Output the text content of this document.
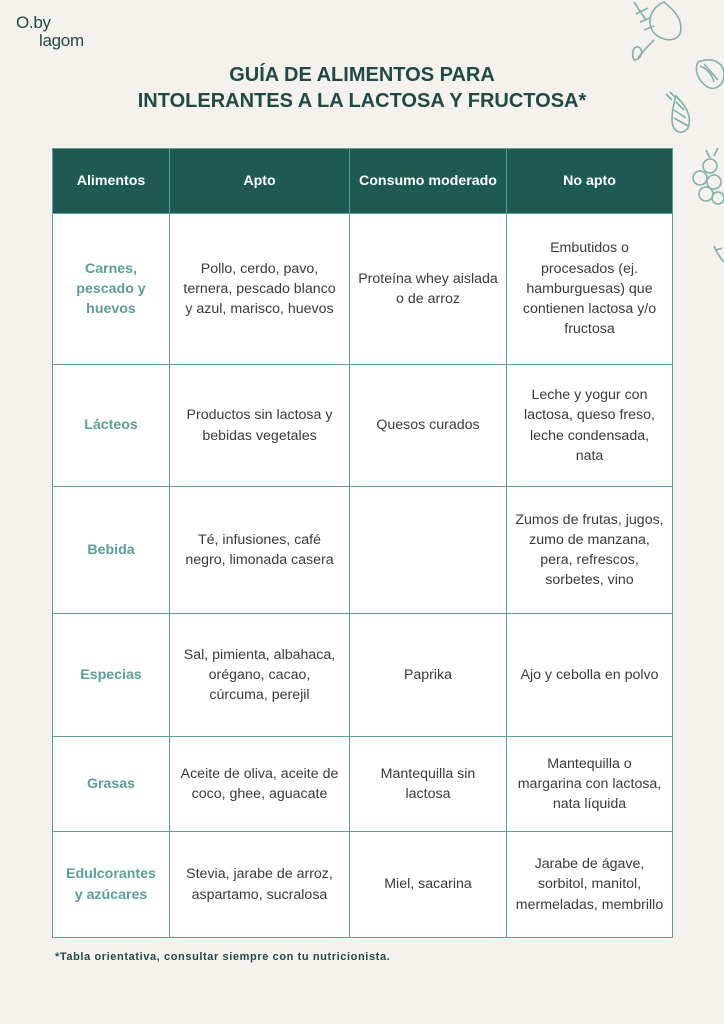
O.by
lagom
GUÍA DE ALIMENTOS PARA
INTOLERANTES A LA LACTOSA Y FRUCTOSA*
Alimentos	Apto	Consumo moderado	No apto
Carnes, pescado y huevos	Pollo, cerdo, pavo, ternera, pescado blanco y azul, marisco, huevos	Proteína whey aislada o de arroz	Embutidos o procesados (ej. hamburguesas) que contienen lactosa y/o fructosa
Lácteos	Productos sin lactosa y bebidas vegetales	Quesos curados	Leche y yogur con lactosa, queso freso, leche condensada, nata
Bebida	Té, infusiones, café negro, limonada casera		Zumos de frutas, jugos, zumo de manzana, pera, refrescos, sorbetes, vino
Especias	Sal, pimienta, albahaca, orégano, cacao, cúrcuma, perejil	Paprika	Ajo y cebolla en polvo
Grasas	Aceite de oliva, aceite de coco, ghee, aguacate	Mantequilla sin lactosa	Mantequilla o margarina con lactosa, nata líquida
Edulcorantes y azúcares	Stevia, jarabe de arroz, aspartamo, sucralosa	Miel, sacarina	Jarabe de ágave, sorbitol, manitol, mermeladas, membrillo
*Tabla orientativa, consultar siempre con tu nutricionista.
